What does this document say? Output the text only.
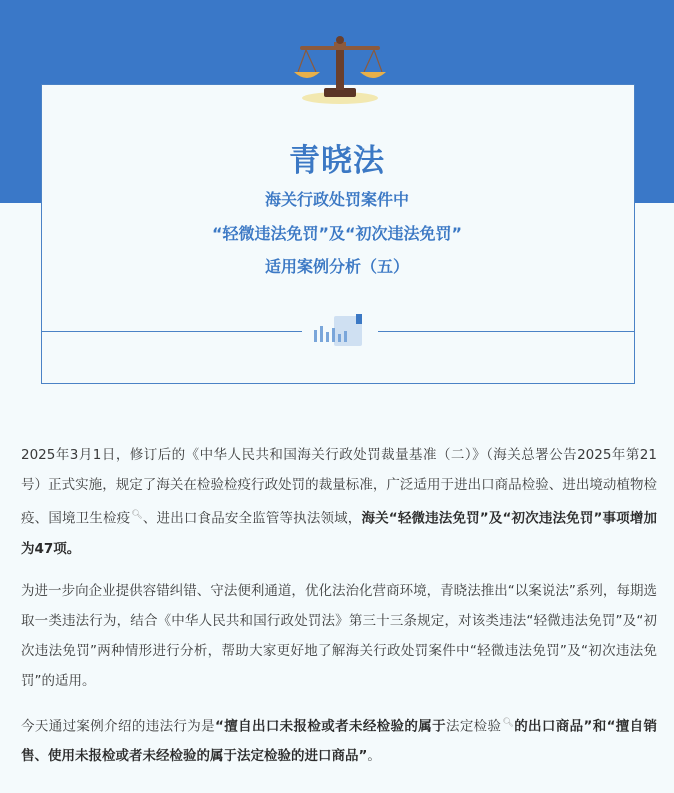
青晓法
海关行政处罚案件中
“轻微违法免罚”及“初次违法免罚”
适用案例分析（五）

2025年3月1日，修订后的《中华人民共和国海关行政处罚裁量基准（二）》（海关总署公告2025年第21号）正式实施，规定了海关在检验检疫行政处罚的裁量标准，广泛适用于进出口商品检验、进出境动植物检疫、国境卫生检疫🔍︎、进出口食品安全监管等执法领域，海关“轻微违法免罚”及“初次违法免罚”事项增加为47项。

为进一步向企业提供容错纠错、守法便利通道，优化法治化营商环境，青晓法推出“以案说法”系列，每期选取一类违法行为，结合《中华人民共和国行政处罚法》第三十三条规定，对该类违法“轻微违法免罚”及“初次违法免罚”两种情形进行分析，帮助大家更好地了解海关行政处罚案件中“轻微违法免罚”及“初次违法免罚”的适用。

今天通过案例介绍的违法行为是“擅自出口未报检或者未经检验的属于法定检验🔍︎的出口商品”和“擅自销售、使用未报检或者未经检验的属于法定检验的进口商品”。
